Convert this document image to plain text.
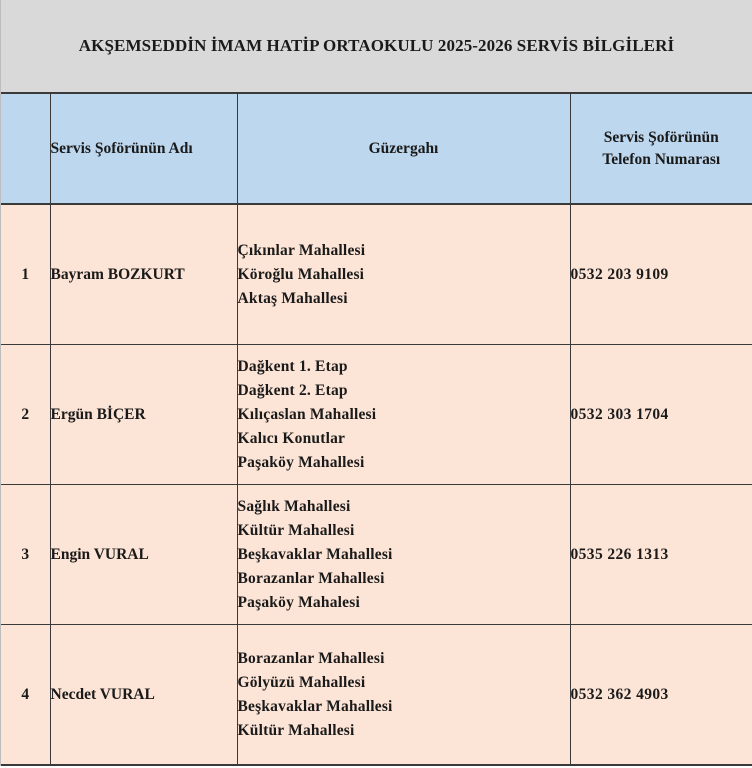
AKŞEMSEDDİN İMAM HATİP ORTAOKULU 2025-2026 SERVİS BİLGİLERİ
	Servis Şoförünün Adı	Güzergahı	Servis Şoförünün
Telefon Numarası

1	Bayram BOZKURT	Çıkınlar Mahallesi
Köroğlu Mahallesi
Aktaş Mahallesi	0532 203 9109
2	Ergün BİÇER	Dağkent 1. Etap
Dağkent 2. Etap
Kılıçaslan Mahallesi
Kalıcı Konutlar
Paşaköy Mahallesi	0532 303 1704
3	Engin VURAL	Sağlık Mahallesi
Kültür Mahallesi
Beşkavaklar Mahallesi
Borazanlar Mahallesi
Paşaköy Mahalesi	0535 226 1313
4	Necdet VURAL	Borazanlar Mahallesi
Gölyüzü Mahallesi
Beşkavaklar Mahallesi
Kültür Mahallesi	0532 362 4903
